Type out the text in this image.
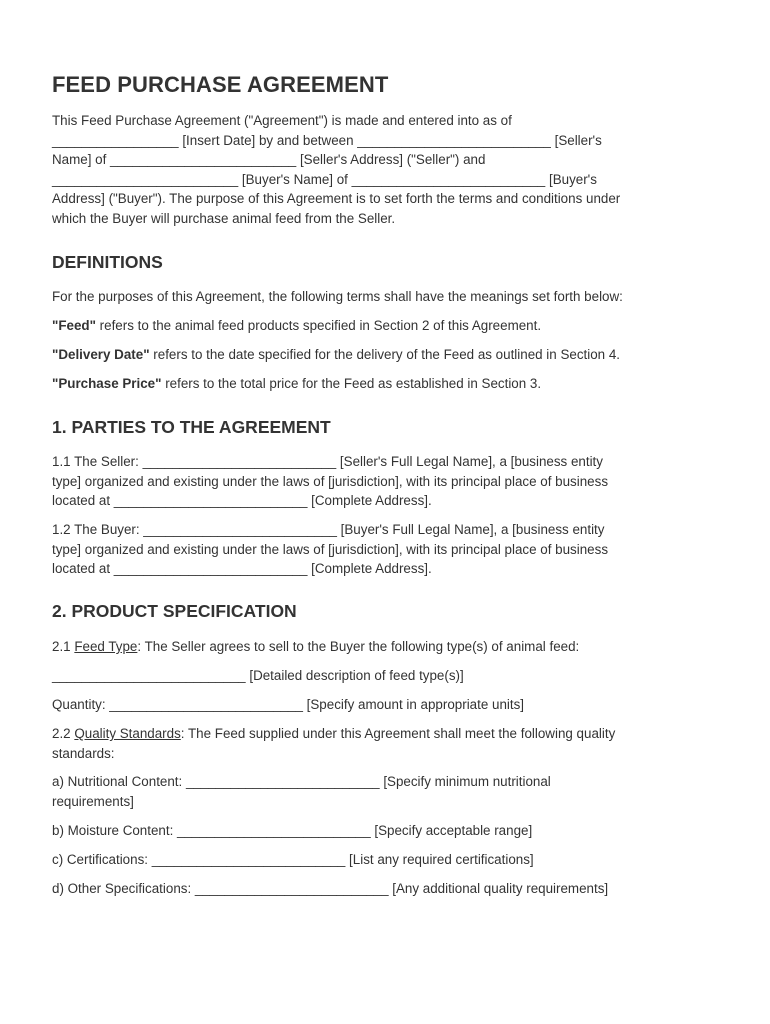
FEED PURCHASE AGREEMENT

This Feed Purchase Agreement ("Agreement") is made and entered into as of
_________________ [Insert Date] by and between __________________________ [Seller's
Name] of _________________________ [Seller's Address] ("Seller") and
_________________________ [Buyer's Name] of __________________________ [Buyer's
Address] ("Buyer"). The purpose of this Agreement is to set forth the terms and conditions under
which the Buyer will purchase animal feed from the Seller.

DEFINITIONS

For the purposes of this Agreement, the following terms shall have the meanings set forth below:

"Feed" refers to the animal feed products specified in Section 2 of this Agreement.

"Delivery Date" refers to the date specified for the delivery of the Feed as outlined in Section 4.

"Purchase Price" refers to the total price for the Feed as established in Section 3.

1. PARTIES TO THE AGREEMENT

1.1 The Seller: __________________________ [Seller's Full Legal Name], a [business entity
type] organized and existing under the laws of [jurisdiction], with its principal place of business
located at __________________________ [Complete Address].

1.2 The Buyer: __________________________ [Buyer's Full Legal Name], a [business entity
type] organized and existing under the laws of [jurisdiction], with its principal place of business
located at __________________________ [Complete Address].

2. PRODUCT SPECIFICATION

2.1 Feed Type: The Seller agrees to sell to the Buyer the following type(s) of animal feed:

__________________________ [Detailed description of feed type(s)]

Quantity: __________________________ [Specify amount in appropriate units]

2.2 Quality Standards: The Feed supplied under this Agreement shall meet the following quality
standards:

a) Nutritional Content: __________________________ [Specify minimum nutritional
requirements]

b) Moisture Content: __________________________ [Specify acceptable range]

c) Certifications: __________________________ [List any required certifications]

d) Other Specifications: __________________________ [Any additional quality requirements]
